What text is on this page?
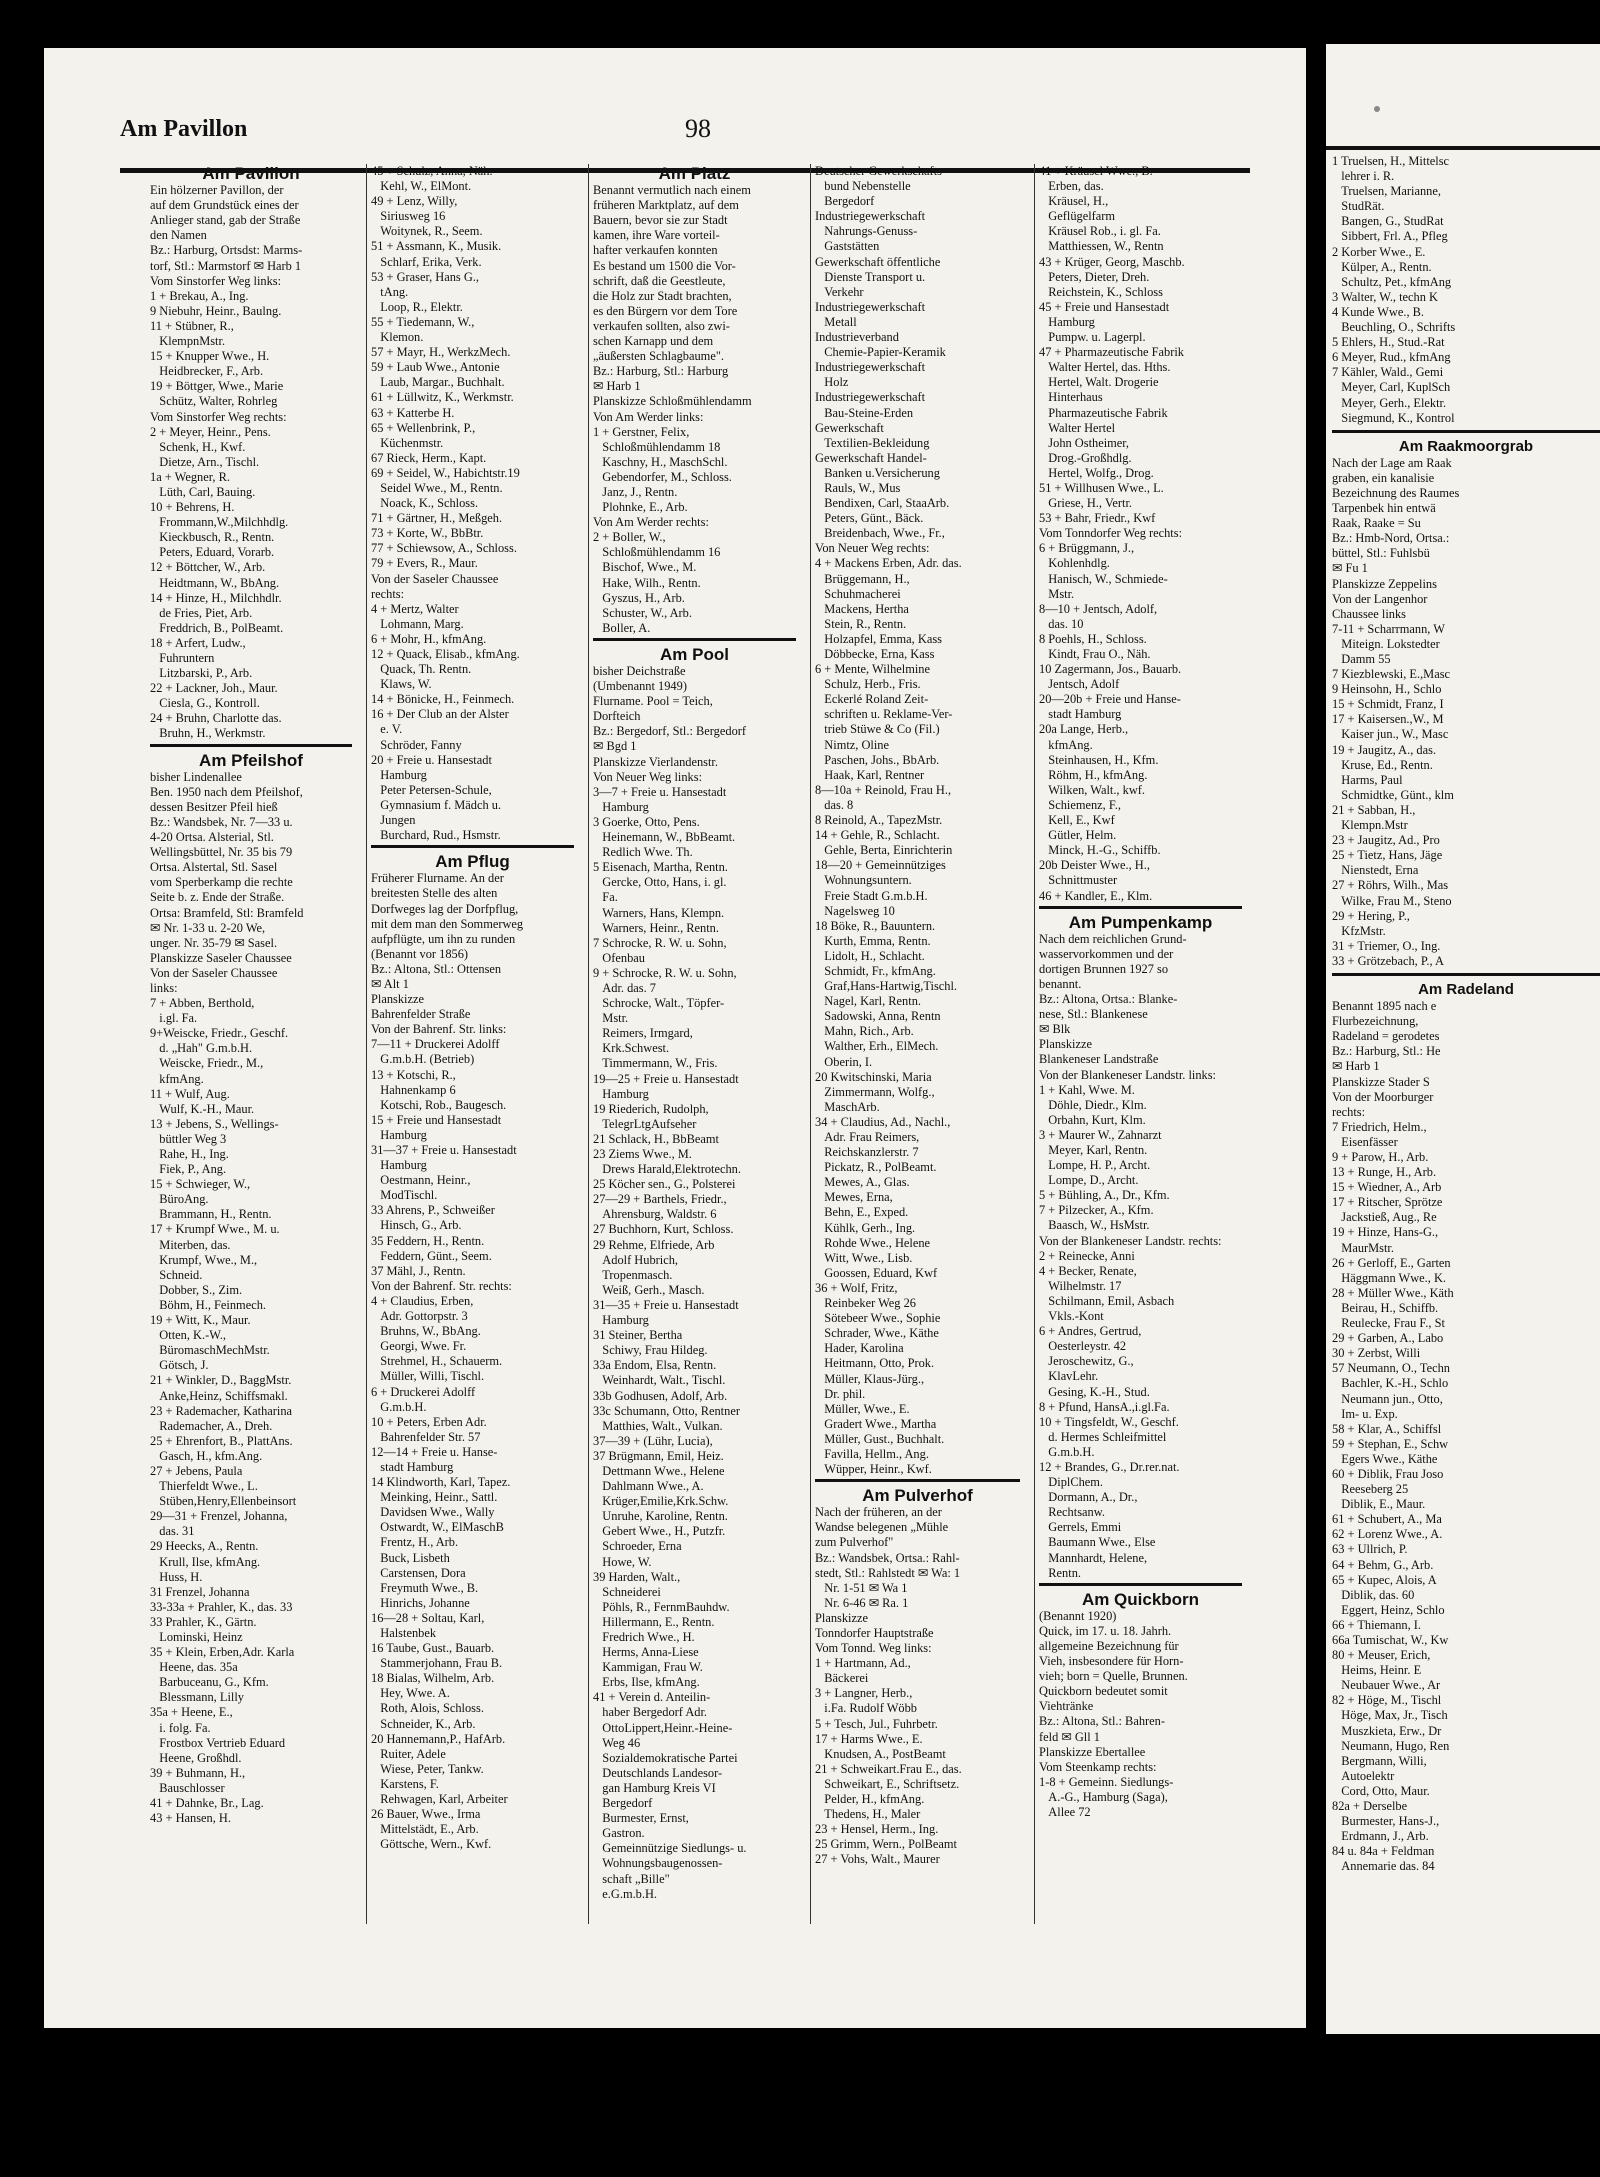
Am Pavillon	98
Am Pavillon
Ein hölzerner Pavillon, der
auf dem Grundstück eines der
Anlieger stand, gab der Straße
den Namen
Bz.: Harburg, Ortsdst: Marms-
torf, Stl.: Marmstorf ✉ Harb 1
Vom Sinstorfer Weg links:
1 + Brekau, A., Ing.
9 Niebuhr, Heinr., Baulng.
11 + Stübner, R.,
KlempnMstr.
15 + Knupper Wwe., H.
Heidbrecker, F., Arb.
19 + Böttger, Wwe., Marie
Schütz, Walter, Rohrleg
Vom Sinstorfer Weg rechts:
2 + Meyer, Heinr., Pens.
Schenk, H., Kwf.
Dietze, Arn., Tischl.
1a + Wegner, R.
Lüth, Carl, Bauing.
10 + Behrens, H.
Frommann,W.,Milchhdlg.
Kieckbusch, R., Rentn.
Peters, Eduard, Vorarb.
12 + Böttcher, W., Arb.
Heidtmann, W., BbAng.
14 + Hinze, H., Milchhdlr.
de Fries, Piet, Arb.
Freddrich, B., PolBeamt.
18 + Arfert, Ludw.,
Fuhruntern
Litzbarski, P., Arb.
22 + Lackner, Joh., Maur.
Ciesla, G., Kontroll.
24 + Bruhn, Charlotte das.
Bruhn, H., Werkmstr.
Am Pfeilshof
bisher Lindenallee
Ben. 1950 nach dem Pfeilshof,
dessen Besitzer Pfeil hieß
Bz.: Wandsbek, Nr. 7—33 u.
4-20 Ortsa. Alsterial, Stl.
Wellingsbüttel, Nr. 35 bis 79
Ortsa. Alstertal, Stl. Sasel
vom Sperberkamp die rechte
Seite b. z. Ende der Straße.
Ortsa: Bramfeld, Stl: Bramfeld
✉ Nr. 1-33 u. 2-20 We,
unger. Nr. 35-79 ✉ Sasel.
Planskizze Saseler Chaussee
Von der Saseler Chaussee
links:
7 + Abben, Berthold,
i.gl. Fa.
9+Weiscke, Friedr., Geschf.
d. „Hah" G.m.b.H.
Weiscke, Friedr., M.,
kfmAng.
11 + Wulf, Aug.
Wulf, K.-H., Maur.
13 + Jebens, S., Wellings-
büttler Weg 3
Rahe, H., Ing.
Fiek, P., Ang.
15 + Schwieger, W.,
BüroAng.
Brammann, H., Rentn.
17 + Krumpf Wwe., M. u.
Miterben, das.
Krumpf, Wwe., M.,
Schneid.
Dobber, S., Zim.
Böhm, H., Feinmech.
19 + Witt, K., Maur.
Otten, K.-W.,
BüromaschMechMstr.
Götsch, J.
21 + Winkler, D., BaggMstr.
Anke,Heinz, Schiffsmakl.
23 + Rademacher, Katharina
Rademacher, A., Dreh.
25 + Ehrenfort, B., PlattAns.
Gasch, H., kfm.Ang.
27 + Jebens, Paula
Thierfeldt Wwe., L.
Stüben,Henry,Ellenbeinsort
29—31 + Frenzel, Johanna,
das. 31
29 Heecks, A., Rentn.
Krull, Ilse, kfmAng.
Huss, H.
31 Frenzel, Johanna
33-33a + Prahler, K., das. 33
33 Prahler, K., Gärtn.
Lominski, Heinz
35 + Klein, Erben,Adr. Karla
Heene, das. 35a
Barbuceanu, G., Kfm.
Blessmann, Lilly
35a + Heene, E.,
i. folg. Fa.
Frostbox Vertrieb Eduard
Heene, Großhdl.
39 + Buhmann, H.,
Bauschlosser
41 + Dahnke, Br., Lag.
43 + Hansen, H.
45 + Schulz, Anna, Näh.
Kehl, W., ElMont.
49 + Lenz, Willy,
Siriusweg 16
Woitynek, R., Seem.
51 + Assmann, K., Musik.
Schlarf, Erika, Verk.
53 + Graser, Hans G.,
tAng.
Loop, R., Elektr.
55 + Tiedemann, W.,
Klemon.
57 + Mayr, H., WerkzMech.
59 + Laub Wwe., Antonie
Laub, Margar., Buchhalt.
61 + Lüllwitz, K., Werkmstr.
63 + Katterbe H.
65 + Wellenbrink, P.,
Küchenmstr.
67 Rieck, Herm., Kapt.
69 + Seidel, W., Habichtstr.19
Seidel Wwe., M., Rentn.
Noack, K., Schloss.
71 + Gärtner, H., Meßgeh.
73 + Korte, W., BbBtr.
77 + Schiewsow, A., Schloss.
79 + Evers, R., Maur.
Von der Saseler Chaussee
rechts:
4 + Mertz, Walter
Lohmann, Marg.
6 + Mohr, H., kfmAng.
12 + Quack, Elisab., kfmAng.
Quack, Th. Rentn.
Klaws, W.
14 + Bönicke, H., Feinmech.
16 + Der Club an der Alster
e. V.
Schröder, Fanny
20 + Freie u. Hansestadt
Hamburg
Peter Petersen-Schule,
Gymnasium f. Mädch u.
Jungen
Burchard, Rud., Hsmstr.
Am Pflug
Früherer Flurname. An der
breitesten Stelle des alten
Dorfweges lag der Dorfpflug,
mit dem man den Sommerweg
aufpflügte, um ihn zu runden
(Benannt vor 1856)
Bz.: Altona, Stl.: Ottensen
✉ Alt 1
Planskizze
Bahrenfelder Straße
Von der Bahrenf. Str. links:
7—11 + Druckerei Adolff
G.m.b.H. (Betrieb)
13 + Kotschi, R.,
Hahnenkamp 6
Kotschi, Rob., Baugesch.
15 + Freie und Hansestadt
Hamburg
31—37 + Freie u. Hansestadt
Hamburg
Oestmann, Heinr.,
ModTischl.
33 Ahrens, P., Schweißer
Hinsch, G., Arb.
35 Feddern, H., Rentn.
Feddern, Günt., Seem.
37 Mähl, J., Rentn.
Von der Bahrenf. Str. rechts:
4 + Claudius, Erben,
Adr. Gottorpstr. 3
Bruhns, W., BbAng.
Georgi, Wwe. Fr.
Strehmel, H., Schauerm.
Müller, Willi, Tischl.
6 + Druckerei Adolff
G.m.b.H.
10 + Peters, Erben Adr.
Bahrenfelder Str. 57
12—14 + Freie u. Hanse-
stadt Hamburg
14 Klindworth, Karl, Tapez.
Meinking, Heinr., Sattl.
Davidsen Wwe., Wally
Ostwardt, W., ElMaschB
Frentz, H., Arb.
Buck, Lisbeth
Carstensen, Dora
Freymuth Wwe., B.
Hinrichs, Johanne
16—28 + Soltau, Karl,
Halstenbek
16 Taube, Gust., Bauarb.
Stammerjohann, Frau B.
18 Bialas, Wilhelm, Arb.
Hey, Wwe. A.
Roth, Alois, Schloss.
Schneider, K., Arb.
20 Hannemann,P., HafArb.
Ruiter, Adele
Wiese, Peter, Tankw.
Karstens, F.
Rehwagen, Karl, Arbeiter
26 Bauer, Wwe., Irma
Mittelstädt, E., Arb.
Göttsche, Wern., Kwf.
Am Platz
Benannt vermutlich nach einem
früheren Marktplatz, auf dem
Bauern, bevor sie zur Stadt
kamen, ihre Ware vorteil-
hafter verkaufen konnten
Es bestand um 1500 die Vor-
schrift, daß die Geestleute,
die Holz zur Stadt brachten,
es den Bürgern vor dem Tore
verkaufen sollten, also zwi-
schen Karnapp und dem
„äußersten Schlagbaume".
Bz.: Harburg, Stl.: Harburg
✉ Harb 1
Planskizze Schloßmühlendamm
Von Am Werder links:
1 + Gerstner, Felix,
Schloßmühlendamm 18
Kaschny, H., MaschSchl.
Gebendorfer, M., Schloss.
Janz, J., Rentn.
Plohnke, E., Arb.
Von Am Werder rechts:
2 + Boller, W.,
Schloßmühlendamm 16
Bischof, Wwe., M.
Hake, Wilh., Rentn.
Gyszus, H., Arb.
Schuster, W., Arb.
Boller, A.
Am Pool
bisher Deichstraße
(Umbenannt 1949)
Flurname. Pool = Teich,
Dorfteich
Bz.: Bergedorf, Stl.: Bergedorf
✉ Bgd 1
Planskizze Vierlandenstr.
Von Neuer Weg links:
3—7 + Freie u. Hansestadt
Hamburg
3 Goerke, Otto, Pens.
Heinemann, W., BbBeamt.
Redlich Wwe. Th.
5 Eisenach, Martha, Rentn.
Gercke, Otto, Hans, i. gl.
Fa.
Warners, Hans, Klempn.
Warners, Heinr., Rentn.
7 Schrocke, R. W. u. Sohn,
Ofenbau
9 + Schrocke, R. W. u. Sohn,
Adr. das. 7
Schrocke, Walt., Töpfer-
Mstr.
Reimers, Irmgard,
Krk.Schwest.
Timmermann, W., Fris.
19—25 + Freie u. Hansestadt
Hamburg
19 Riederich, Rudolph,
TelegrLtgAufseher
21 Schlack, H., BbBeamt
23 Ziems Wwe., M.
Drews Harald,Elektrotechn.
25 Köcher sen., G., Polsterei
27—29 + Barthels, Friedr.,
Ahrensburg, Waldstr. 6
27 Buchhorn, Kurt, Schloss.
29 Rehme, Elfriede, Arb
Adolf Hubrich,
Tropenmasch.
Weiß, Gerh., Masch.
31—35 + Freie u. Hansestadt
Hamburg
31 Steiner, Bertha
Schiwy, Frau Hildeg.
33a Endom, Elsa, Rentn.
Weinhardt, Walt., Tischl.
33b Godhusen, Adolf, Arb.
33c Schumann, Otto, Rentner
Matthies, Walt., Vulkan.
37—39 + (Lühr, Lucia),
37 Brügmann, Emil, Heiz.
Dettmann Wwe., Helene
Dahlmann Wwe., A.
Krüger,Emilie,Krk.Schw.
Unruhe, Karoline, Rentn.
Gebert Wwe., H., Putzfr.
Schroeder, Erna
Howe, W.
39 Harden, Walt.,
Schneiderei
Pöhls, R., FernmBauhdw.
Hillermann, E., Rentn.
Fredrich Wwe., H.
Herms, Anna-Liese
Kammigan, Frau W.
Erbs, Ilse, kfmAng.
41 + Verein d. Anteilin-
haber Bergedorf Adr.
OttoLippert,Heinr.-Heine-
Weg 46
Sozialdemokratische Partei
Deutschlands Landesor-
gan Hamburg Kreis VI
Bergedorf
Burmester, Ernst,
Gastron.
Gemeinnützige Siedlungs- u.
Wohnungsbaugenossen-
schaft „Bille"
e.G.m.b.H.
Deutscher Gewerkschafts-
bund Nebenstelle
Bergedorf
Industriegewerkschaft
Nahrungs-Genuss-
Gaststätten
Gewerkschaft öffentliche
Dienste Transport u.
Verkehr
Industriegewerkschaft
Metall
Industrieverband
Chemie-Papier-Keramik
Industriegewerkschaft
Holz
Industriegewerkschaft
Bau-Steine-Erden
Gewerkschaft
Textilien-Bekleidung
Gewerkschaft Handel-
Banken u.Versicherung
Rauls, W., Mus
Bendixen, Carl, StaaArb.
Peters, Günt., Bäck.
Breidenbach, Wwe., Fr.,
Von Neuer Weg rechts:
4 + Mackens Erben, Adr. das.
Brüggemann, H.,
Schuhmacherei
Mackens, Hertha
Stein, R., Rentn.
Holzapfel, Emma, Kass
Döbbecke, Erna, Kass
6 + Mente, Wilhelmine
Schulz, Herb., Fris.
Eckerlé Roland Zeit-
schriften u. Reklame-Ver-
trieb Stüwe & Co (Fil.)
Nimtz, Oline
Paschen, Johs., BbArb.
Haak, Karl, Rentner
8—10a + Reinold, Frau H.,
das. 8
8 Reinold, A., TapezMstr.
14 + Gehle, R., Schlacht.
Gehle, Berta, Einrichterin
18—20 + Gemeinnütziges
Wohnungsuntern.
Freie Stadt G.m.b.H.
Nagelsweg 10
18 Böke, R., Bauuntern.
Kurth, Emma, Rentn.
Lidolt, H., Schlacht.
Schmidt, Fr., kfmAng.
Graf,Hans-Hartwig,Tischl.
Nagel, Karl, Rentn.
Sadowski, Anna, Rentn
Mahn, Rich., Arb.
Walther, Erh., ElMech.
Oberin, I.
20 Kwitschinski, Maria
Zimmermann, Wolfg.,
MaschArb.
34 + Claudius, Ad., Nachl.,
Adr. Frau Reimers,
Reichskanzlerstr. 7
Pickatz, R., PolBeamt.
Mewes, A., Glas.
Mewes, Erna,
Behn, E., Exped.
Kühlk, Gerh., Ing.
Rohde Wwe., Helene
Witt, Wwe., Lisb.
Goossen, Eduard, Kwf
36 + Wolf, Fritz,
Reinbeker Weg 26
Sötebeer Wwe., Sophie
Schrader, Wwe., Käthe
Hader, Karolina
Heitmann, Otto, Prok.
Müller, Klaus-Jürg.,
Dr. phil.
Müller, Wwe., E.
Gradert Wwe., Martha
Müller, Gust., Buchhalt.
Favilla, Hellm., Ang.
Wüpper, Heinr., Kwf.
Am Pulverhof
Nach der früheren, an der
Wandse belegenen „Mühle
zum Pulverhof"
Bz.: Wandsbek, Ortsa.: Rahl-
stedt, Stl.: Rahlstedt ✉ Wa: 1
Nr. 1-51 ✉ Wa 1
Nr. 6-46 ✉ Ra. 1
Planskizze
Tonndorfer Hauptstraße
Vom Tonnd. Weg links:
1 + Hartmann, Ad.,
Bäckerei
3 + Langner, Herb.,
i.Fa. Rudolf Wöbb
5 + Tesch, Jul., Fuhrbetr.
17 + Harms Wwe., E.
Knudsen, A., PostBeamt
21 + Schweikart.Frau E., das.
Schweikart, E., Schriftsetz.
Pelder, H., kfmAng.
Thedens, H., Maler
23 + Hensel, Herm., Ing.
25 Grimm, Wern., PolBeamt
27 + Vohs, Walt., Maurer
41 + Kräusel Wwe., B.
Erben, das.
Kräusel, H.,
Geflügelfarm
Kräusel Rob., i. gl. Fa.
Matthiessen, W., Rentn
43 + Krüger, Georg, Maschb.
Peters, Dieter, Dreh.
Reichstein, K., Schloss
45 + Freie und Hansestadt
Hamburg
Pumpw. u. Lagerpl.
47 + Pharmazeutische Fabrik
Walter Hertel, das. Hths.
Hertel, Walt. Drogerie
Hinterhaus
Pharmazeutische Fabrik
Walter Hertel
John Ostheimer,
Drog.-Großhdlg.
Hertel, Wolfg., Drog.
51 + Willhusen Wwe., L.
Griese, H., Vertr.
53 + Bahr, Friedr., Kwf
Vom Tonndorfer Weg rechts:
6 + Brüggmann, J.,
Kohlenhdlg.
Hanisch, W., Schmiede-
Mstr.
8—10 + Jentsch, Adolf,
das. 10
8 Poehls, H., Schloss.
Kindt, Frau O., Näh.
10 Zagermann, Jos., Bauarb.
Jentsch, Adolf
20—20b + Freie und Hanse-
stadt Hamburg
20a Lange, Herb.,
kfmAng.
Steinhausen, H., Kfm.
Röhm, H., kfmAng.
Wilken, Walt., kwf.
Schiemenz, F.,
Kell, E., Kwf
Gütler, Helm.
Minck, H.-G., Schiffb.
20b Deister Wwe., H.,
Schnittmuster
46 + Kandler, E., Klm.
Am Pumpenkamp
Nach dem reichlichen Grund-
wasservorkommen und der
dortigen Brunnen 1927 so
benannt.
Bz.: Altona, Ortsa.: Blanke-
nese, Stl.: Blankenese
✉ Blk
Planskizze
Blankeneser Landstraße
Von der Blankeneser Landstr. links:
1 + Kahl, Wwe. M.
Döhle, Diedr., Klm.
Orbahn, Kurt, Klm.
3 + Maurer W., Zahnarzt
Meyer, Karl, Rentn.
Lompe, H. P., Archt.
Lompe, D., Archt.
5 + Bühling, A., Dr., Kfm.
7 + Pilzecker, A., Kfm.
Baasch, W., HsMstr.
Von der Blankeneser Landstr. rechts:
2 + Reinecke, Anni
4 + Becker, Renate,
Wilhelmstr. 17
Schilmann, Emil, Asbach
Vkls.-Kont
6 + Andres, Gertrud,
Oesterleystr. 42
Jeroschewitz, G.,
KlavLehr.
Gesing, K.-H., Stud.
8 + Pfund, HansA.,i.gl.Fa.
10 + Tingsfeldt, W., Geschf.
d. Hermes Schleifmittel
G.m.b.H.
12 + Brandes, G., Dr.rer.nat.
DiplChem.
Dormann, A., Dr.,
Rechtsanw.
Gerrels, Emmi
Baumann Wwe., Else
Mannhardt, Helene,
Rentn.
Am Quickborn
(Benannt 1920)
Quick, im 17. u. 18. Jahrh.
allgemeine Bezeichnung für
Vieh, insbesondere für Horn-
vieh; born = Quelle, Brunnen.
Quickborn bedeutet somit
Viehtränke
Bz.: Altona, Stl.: Bahren-
feld ✉ Gll 1
Planskizze Ebertallee
Vom Steenkamp rechts:
1-8 + Gemeinn. Siedlungs-
A.-G., Hamburg (Saga),
Allee 72
1 Truelsen, H., Mittelsc
lehrer i. R.
Truelsen, Marianne,
StudRät.
Bangen, G., StudRat
Sibbert, Frl. A., Pfleg
2 Korber Wwe., E.
Külper, A., Rentn.
Schultz, Pet., kfmAng
3 Walter, W., techn K
4 Kunde Wwe., B.
Beuchling, O., Schrifts
5 Ehlers, H., Stud.-Rat
6 Meyer, Rud., kfmAng
7 Kähler, Wald., Gemi
Meyer, Carl, KuplSch
Meyer, Gerh., Elektr.
Siegmund, K., Kontrol
Am Raakmoorgrab
Nach der Lage am Raak
graben, ein kanalisie
Bezeichnung des Raumes
Tarpenbek hin entwä
Raak, Raake = Su
Bz.: Hmb-Nord, Ortsa.:
büttel, Stl.: Fuhlsbü
✉ Fu 1
Planskizze Zeppelins
Von der Langenhor
Chaussee links
7-11 + Scharrmann, W
Miteign. Lokstedter
Damm 55
7 Kiezblewski, E.,Masc
9 Heinsohn, H., Schlo
15 + Schmidt, Franz, I
17 + Kaisersen.,W., M
Kaiser jun., W., Masc
19 + Jaugitz, A., das.
Kruse, Ed., Rentn.
Harms, Paul
Schmidtke, Günt., klm
21 + Sabban, H.,
Klempn.Mstr
23 + Jaugitz, Ad., Pro
25 + Tietz, Hans, Jäge
Nienstedt, Erna
27 + Röhrs, Wilh., Mas
Wilke, Frau M., Steno
29 + Hering, P.,
KfzMstr.
31 + Triemer, O., Ing.
33 + Grötzebach, P., A
Am Radeland
Benannt 1895 nach e
Flurbezeichnung,
Radeland = gerodetes
Bz.: Harburg, Stl.: He
✉ Harb 1
Planskizze Stader S
Von der Moorburger
rechts:
7 Friedrich, Helm.,
Eisenfässer
9 + Parow, H., Arb.
13 + Runge, H., Arb.
15 + Wiedner, A., Arb
17 + Ritscher, Sprötze
Jackstieß, Aug., Re
19 + Hinze, Hans-G.,
MaurMstr.
26 + Gerloff, E., Garten
Häggmann Wwe., K.
28 + Müller Wwe., Käth
Beirau, H., Schiffb.
Reulecke, Frau F., St
29 + Garben, A., Labo
30 + Zerbst, Willi
57 Neumann, O., Techn
Bachler, K.-H., Schlo
Neumann jun., Otto,
Im- u. Exp.
58 + Klar, A., Schiffsl
59 + Stephan, E., Schw
Egers Wwe., Käthe
60 + Diblik, Frau Joso
Reeseberg 25
Diblik, E., Maur.
61 + Schubert, A., Ma
62 + Lorenz Wwe., A.
63 + Ullrich, P.
64 + Behm, G., Arb.
65 + Kupec, Alois, A
Diblik, das. 60
Eggert, Heinz, Schlo
66 + Thiemann, I.
66a Tumischat, W., Kw
80 + Meuser, Erich,
Heims, Heinr. E
Neubauer Wwe., Ar
82 + Höge, M., Tischl
Höge, Max, Jr., Tisch
Muszkieta, Erw., Dr
Neumann, Hugo, Ren
Bergmann, Willi,
Autoelektr
Cord, Otto, Maur.
82a + Derselbe
Burmester, Hans-J.,
Erdmann, J., Arb.
84 u. 84a + Feldman
Annemarie das. 84
